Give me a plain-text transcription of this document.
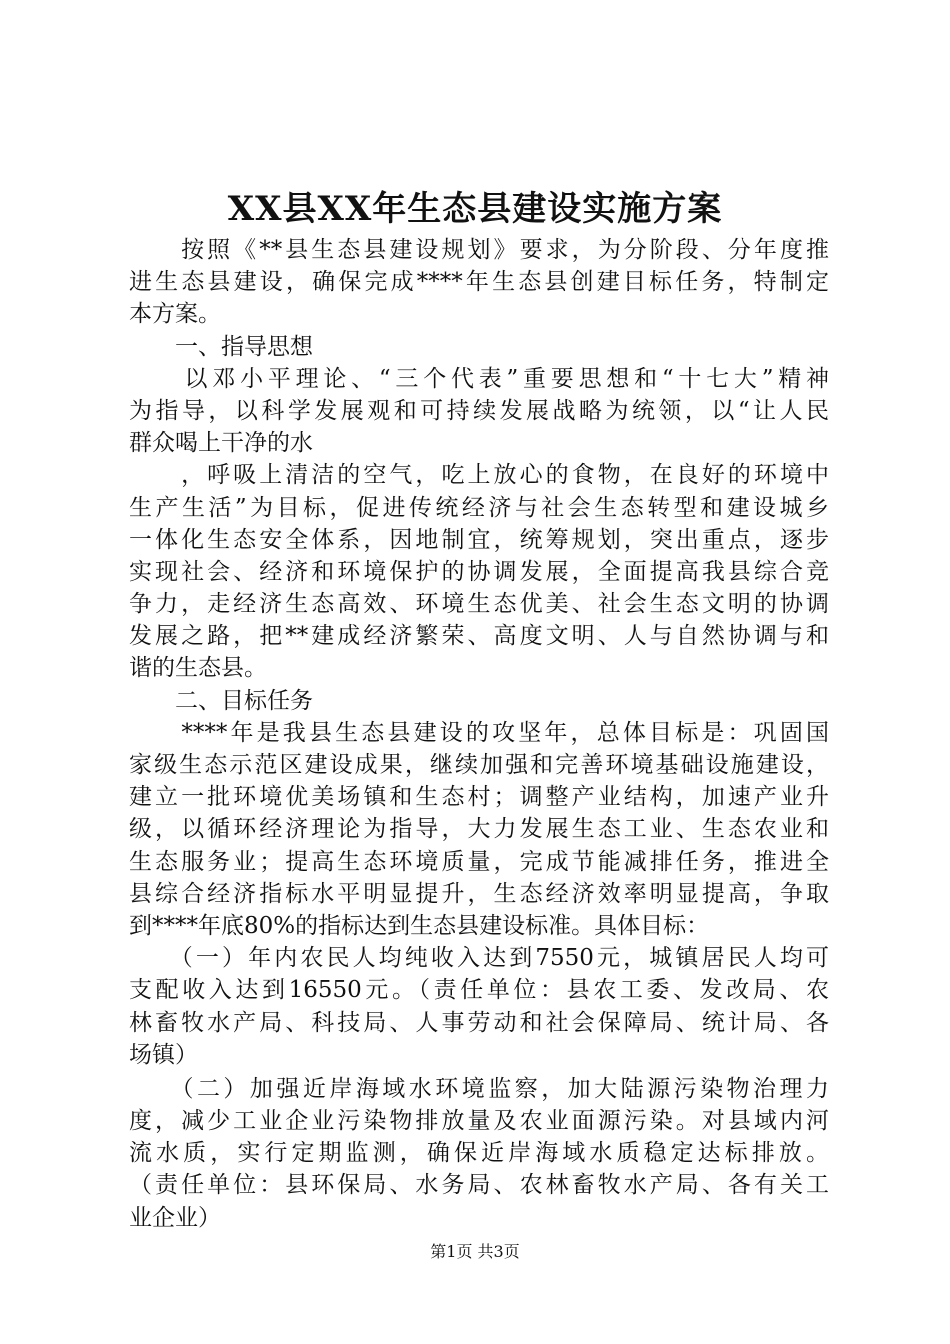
XX县XX年生态县建设实施方案
　　按照《**县生态县建设规划》要求，为分阶段、分年度推
进生态县建设，确保完成****年生态县创建目标任务，特制定
本方案。
　　一、指导思想
　　以邓小平理论、“三个代表”重要思想和“十七大”精神
为指导，以科学发展观和可持续发展战略为统领，以“让人民
群众喝上干净的水
　　，呼吸上清洁的空气，吃上放心的食物，在良好的环境中
生产生活”为目标，促进传统经济与社会生态转型和建设城乡
一体化生态安全体系，因地制宜，统筹规划，突出重点，逐步
实现社会、经济和环境保护的协调发展，全面提高我县综合竞
争力，走经济生态高效、环境生态优美、社会生态文明的协调
发展之路，把**建成经济繁荣、高度文明、人与自然协调与和
谐的生态县。
　　二、目标任务
　　****年是我县生态县建设的攻坚年，总体目标是：巩固国
家级生态示范区建设成果，继续加强和完善环境基础设施建设，
建立一批环境优美场镇和生态村；调整产业结构，加速产业升
级，以循环经济理论为指导，大力发展生态工业、生态农业和
生态服务业；提高生态环境质量，完成节能减排任务，推进全
县综合经济指标水平明显提升，生态经济效率明显提高，争取
到****年底80%的指标达到生态县建设标准。具体目标：
　　（一）年内农民人均纯收入达到7550元，城镇居民人均可
支配收入达到16550元。（责任单位：县农工委、发改局、农
林畜牧水产局、科技局、人事劳动和社会保障局、统计局、各
场镇）
　　（二）加强近岸海域水环境监察，加大陆源污染物治理力
度，减少工业企业污染物排放量及农业面源污染。对县域内河
流水质，实行定期监测，确保近岸海域水质稳定达标排放。
（责任单位：县环保局、水务局、农林畜牧水产局、各有关工
业企业）
第1页 共3页
